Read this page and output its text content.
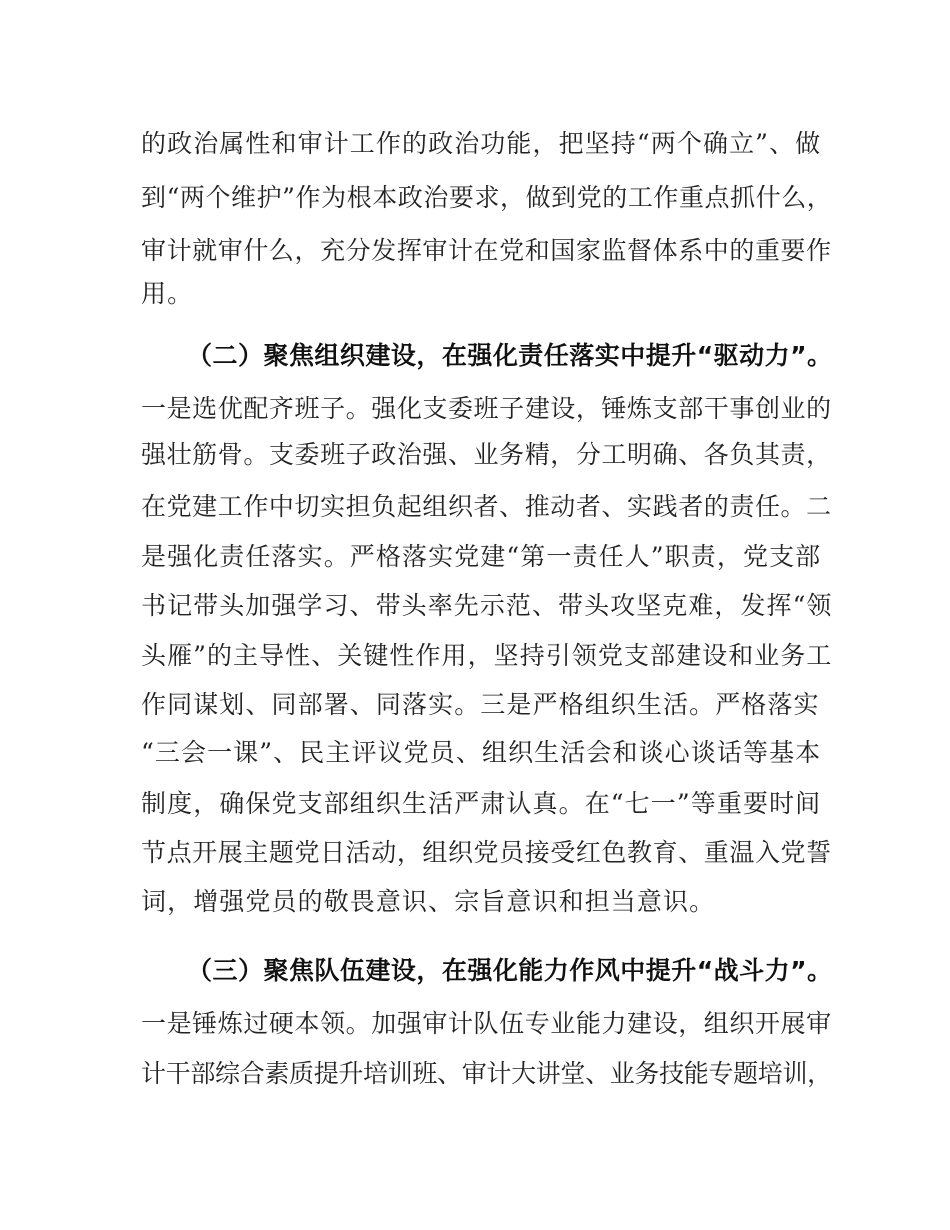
的政治属性和审计工作的政治功能，把坚持“两个确立”、做
到“两个维护”作为根本政治要求，做到党的工作重点抓什么，
审计就审什么，充分发挥审计在党和国家监督体系中的重要作
用。
（二）聚焦组织建设，在强化责任落实中提升“驱动力”。
一是选优配齐班子。强化支委班子建设，锤炼支部干事创业的
强壮筋骨。支委班子政治强、业务精，分工明确、各负其责，
在党建工作中切实担负起组织者、推动者、实践者的责任。二
是强化责任落实。严格落实党建“第一责任人”职责，党支部
书记带头加强学习、带头率先示范、带头攻坚克难，发挥“领
头雁”的主导性、关键性作用，坚持引领党支部建设和业务工
作同谋划、同部署、同落实。三是严格组织生活。严格落实
“三会一课”、民主评议党员、组织生活会和谈心谈话等基本
制度，确保党支部组织生活严肃认真。在“七一”等重要时间
节点开展主题党日活动，组织党员接受红色教育、重温入党誓
词，增强党员的敬畏意识、宗旨意识和担当意识。
（三）聚焦队伍建设，在强化能力作风中提升“战斗力”。
一是锤炼过硬本领。加强审计队伍专业能力建设，组织开展审
计干部综合素质提升培训班、审计大讲堂、业务技能专题培训，
